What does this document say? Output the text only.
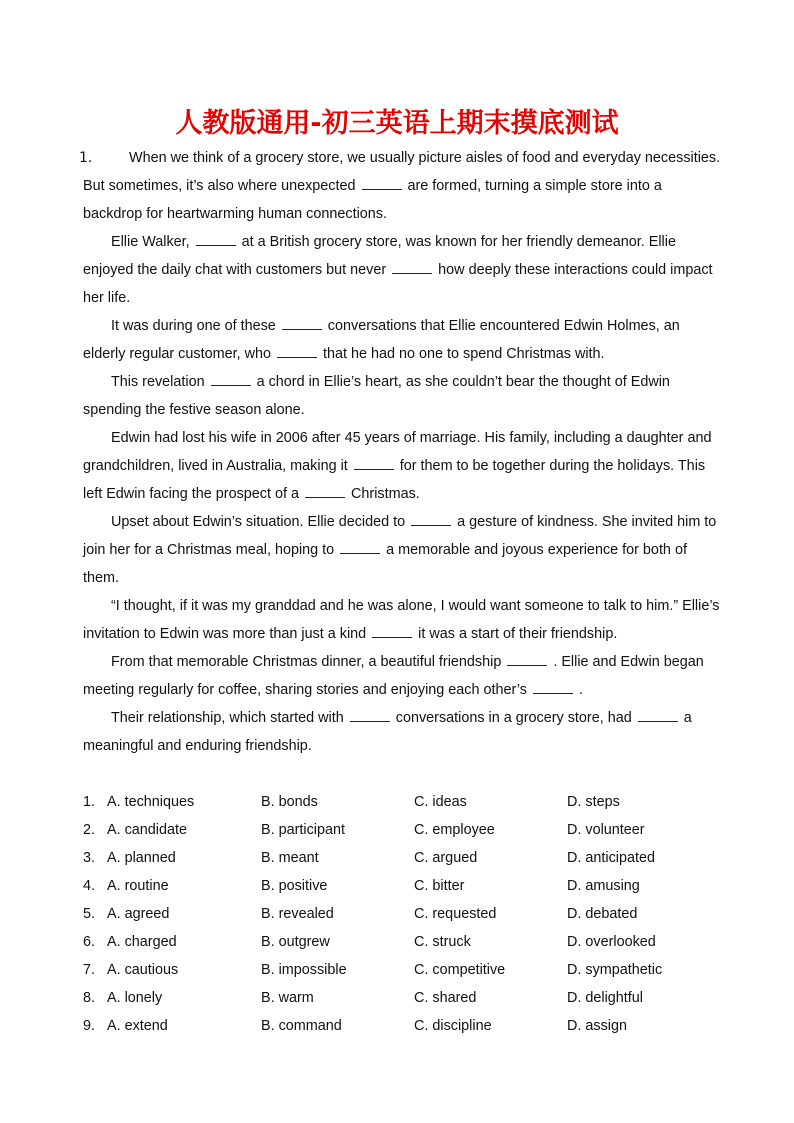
人教版通用-初三英语上期末摸底测试

1.	When we think of a grocery store, we usually picture aisles of food and everyday necessities. But sometimes, it’s also where unexpected	are formed, turning a simple store into a backdrop for heartwarming human connections.

Ellie Walker,	at a British grocery store, was known for her friendly demeanor. Ellie enjoyed the daily chat with customers but never	how deeply these interactions could impact her life.

It was during one of these	conversations that Ellie encountered Edwin Holmes, an elderly regular customer, who	that he had no one to spend Christmas with.

This revelation	a chord in Ellie’s heart, as she couldn’t bear the thought of Edwin spending the festive season alone.

Edwin had lost his wife in 2006 after 45 years of marriage. His family, including a daughter and grandchildren, lived in Australia, making it	for them to be together during the holidays. This left Edwin facing the prospect of a	Christmas.

Upset about Edwin’s situation. Ellie decided to	a gesture of kindness. She invited him to join her for a Christmas meal, hoping to	a memorable and joyous experience for both of them.

“I thought, if it was my granddad and he was alone, I would want someone to talk to him.” Ellie’s invitation to Edwin was more than just a kind	it was a start of their friendship.

From that memorable Christmas dinner, a beautiful friendship	. Ellie and Edwin began meeting regularly for coffee, sharing stories and enjoying each other’s	.

Their relationship, which started with	conversations in a grocery store, had	a meaningful and enduring friendship.

1. A. techniques	B. bonds	C. ideas	D. steps
2. A. candidate	B. participant	C. employee	D. volunteer
3. A. planned	B. meant	C. argued	D. anticipated
4. A. routine	B. positive	C. bitter	D. amusing
5. A. agreed	B. revealed	C. requested	D. debated
6. A. charged	B. outgrew	C. struck	D. overlooked
7. A. cautious	B. impossible	C. competitive	D. sympathetic
8. A. lonely	B. warm	C. shared	D. delightful
9. A. extend	B. command	C. discipline	D. assign
